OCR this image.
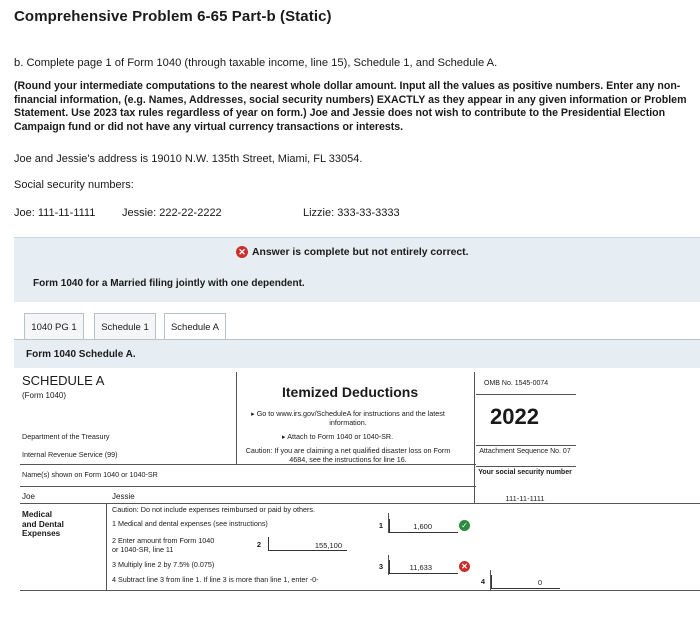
Comprehensive Problem 6-65 Part-b (Static)
b. Complete page 1 of Form 1040 (through taxable income, line 15), Schedule 1, and Schedule A.
(Round your intermediate computations to the nearest whole dollar amount. Input all the values as positive numbers. Enter any non-financial information, (e.g. Names, Addresses, social security numbers) EXACTLY as they appear in any given information or Problem Statement. Use 2023 tax rules regardless of year on form.) Joe and Jessie does not wish to contribute to the Presidential Election Campaign fund or did not have any virtual currency transactions or interests.
Joe and Jessie's address is 19010 N.W. 135th Street, Miami, FL 33054.
Social security numbers:
Joe: 111-11-1111 Jessie: 222-22-2222	Lizzie: 333-33-3333
✕ Answer is complete but not entirely correct.
Form 1040 for a Married filing jointly with one dependent.
1040 PG 1	Schedule 1	Schedule A
Form 1040 Schedule A.
SCHEDULE A
(Form 1040)	Itemized Deductions
▸ Go to www.irs.gov/ScheduleA for instructions and the latest information.
▸ Attach to Form 1040 or 1040-SR.
Caution: If you are claiming a net qualified disaster loss on Form 4684, see the instructions for line 16.
OMB No. 1545-0074
2022
Attachment Sequence No. 07
Your social security number
111-11-1111
Department of the Treasury
Internal Revenue Service (99)
Name(s) shown on Form 1040 or 1040-SR
Joe	Jessie
Medical and Dental Expenses
Caution: Do not include expenses reimbursed or paid by others.
1 Medical and dental expenses (see instructions)	1	1,600	✓
2 Enter amount from Form 1040 or 1040-SR, line 11
2	155,100
3 Multiply line 2 by 7.5% (0.075)	3	11,633	✕
4 Subtract line 3 from line 1. If line 3 is more than line 1, enter -0-	4	0
